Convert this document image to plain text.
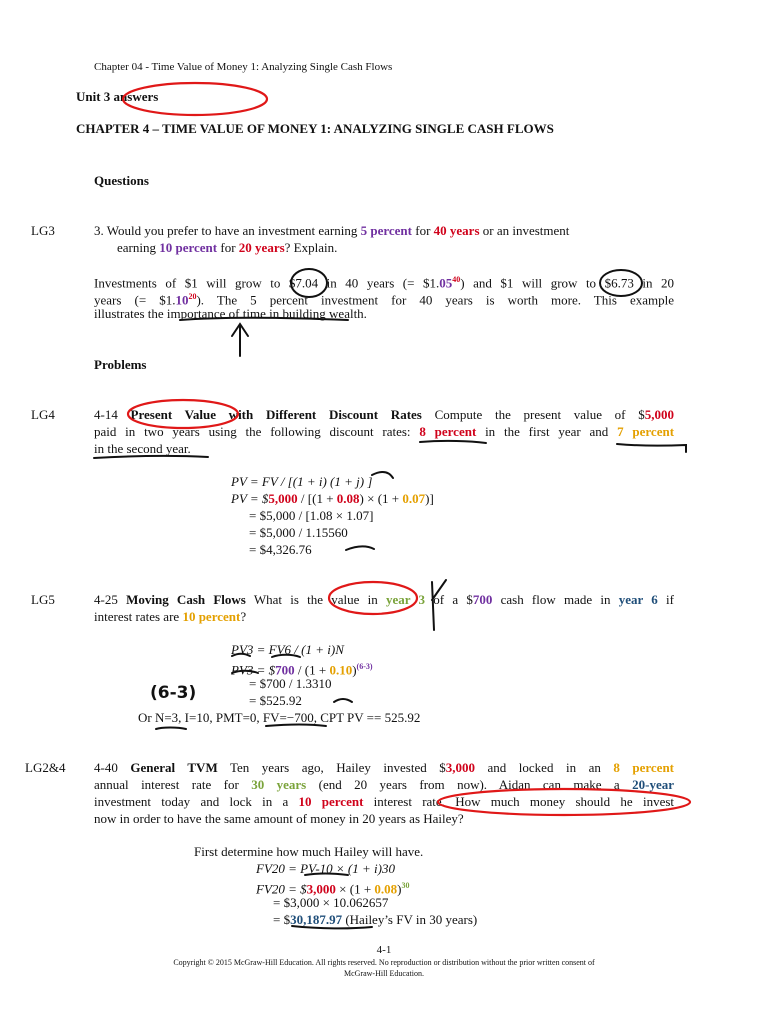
Chapter 04 - Time Value of Money 1: Analyzing Single Cash Flows
Unit 3 answers
CHAPTER 4 – TIME VALUE OF MONEY 1: ANALYZING SINGLE CASH FLOWS
Questions
LG3	3. Would you prefer to have an investment earning 5 percent for 40 years or an investment
earning 10 percent for 20 years? Explain.
Investments of $1 will grow to $7.04 in 40 years (= $\$1.05^{40}$) and $1 will grow to $6.73 in 20
years (= $\$1.10^{20}$). The 5 percent investment for 40 years is worth more. This example
illustrates the importance of time in building wealth.
Problems
LG4	4-14 Present Value with Different Discount Rates Compute the present value of $5,000
paid in two years using the following discount rates: 8 percent in the first year and 7 percent
in the second year.
PV = FV / [(1 + i) (1 + j) ]
PV = $5,000 / [(1 + 0.08) × (1 + 0.07)]
= $5,000 / [1.08 × 1.07]
= $5,000 / 1.15560
= $4,326.76
LG5	4-25 Moving Cash Flows What is the value in year 3 of a $700 cash flow made in year 6 if
interest rates are 10 percent?
PV3 = FV6 / (1 + i)N
PV3 = $700 / $(1 + 0.10)^{(6-3)}$
= $700 / 1.3310
= $525.92
Or N=3, I=10, PMT=0, FV=−700, CPT PV == 525.92
(6-3)
LG2&4 4-40 General TVM Ten years ago, Hailey invested $3,000 and locked in an 8 percent
annual interest rate for 30 years (end 20 years from now). Aidan can make a 20-year
investment today and lock in a 10 percent interest rate. How much money should he invest
now in order to have the same amount of money in 20 years as Hailey?
First determine how much Hailey will have.
FV20 = PV-10 × (1 + i)30
FV20 = $3,000 × $(1 + 0.08)^{30}$
= $3,000 × 10.062657
= $30,187.97 (Hailey’s FV in 30 years)
4-1
Copyright © 2015 McGraw-Hill Education. All rights reserved. No reproduction or distribution without the prior written consent of
McGraw-Hill Education.
